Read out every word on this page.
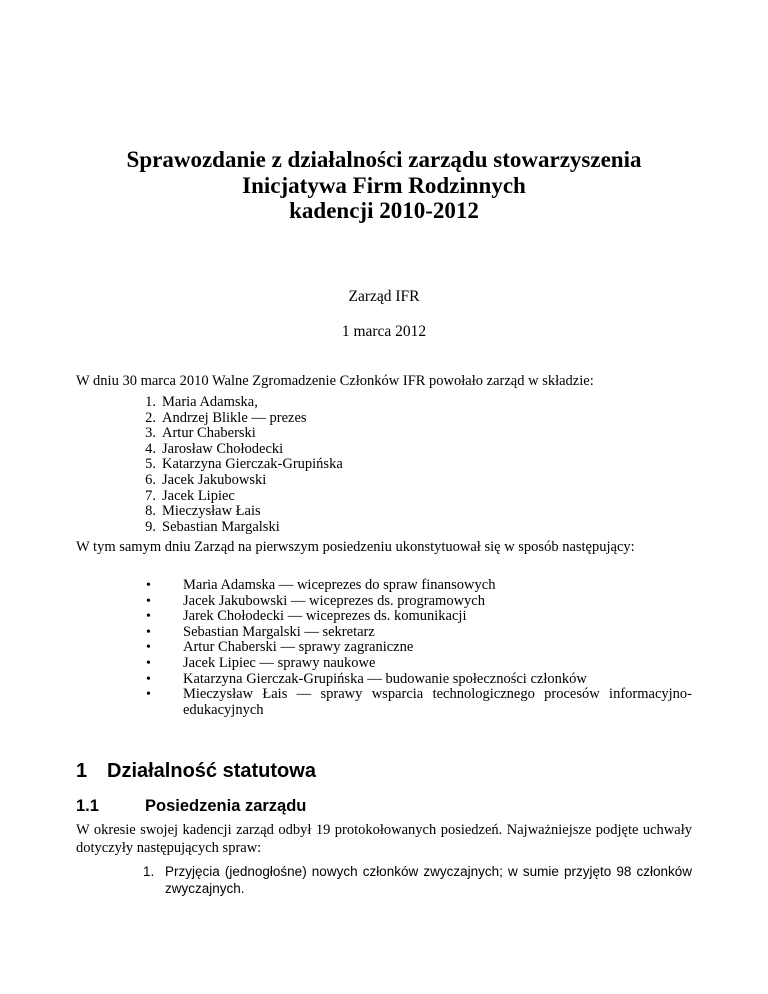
Sprawozdanie z działalności zarządu stowarzyszenia
Inicjatywa Firm Rodzinnych
kadencji 2010-2012
Zarząd IFR
1 marca 2012
W dniu 30 marca 2010 Walne Zgromadzenie Członków IFR powołało zarząd w składzie:
1. Maria Adamska,
2. Andrzej Blikle — prezes
3. Artur Chaberski
4. Jarosław Chołodecki
5. Katarzyna Gierczak-Grupińska
6. Jacek Jakubowski
7. Jacek Lipiec
8. Mieczysław Łais
9. Sebastian Margalski
W tym samym dniu Zarząd na pierwszym posiedzeniu ukonstytuował się w sposób następujący:
• Maria Adamska — wiceprezes do spraw finansowych
• Jacek Jakubowski — wiceprezes ds. programowych
• Jarek Chołodecki — wiceprezes ds. komunikacji
• Sebastian Margalski — sekretarz
• Artur Chaberski — sprawy zagraniczne
• Jacek Lipiec — sprawy naukowe
• Katarzyna Gierczak-Grupińska — budowanie społeczności członków
• Mieczysław Łais — sprawy wsparcia technologicznego procesów informacyjno-edukacyjnych
1 Działalność statutowa
1.1	Posiedzenia zarządu
W okresie swojej kadencji zarząd odbył 19 protokołowanych posiedzeń. Najważniejsze podjęte uchwały dotyczyły następujących spraw:
1. Przyjęcia (jednogłośne) nowych członków zwyczajnych; w sumie przyjęto 98 członków zwyczajnych.
